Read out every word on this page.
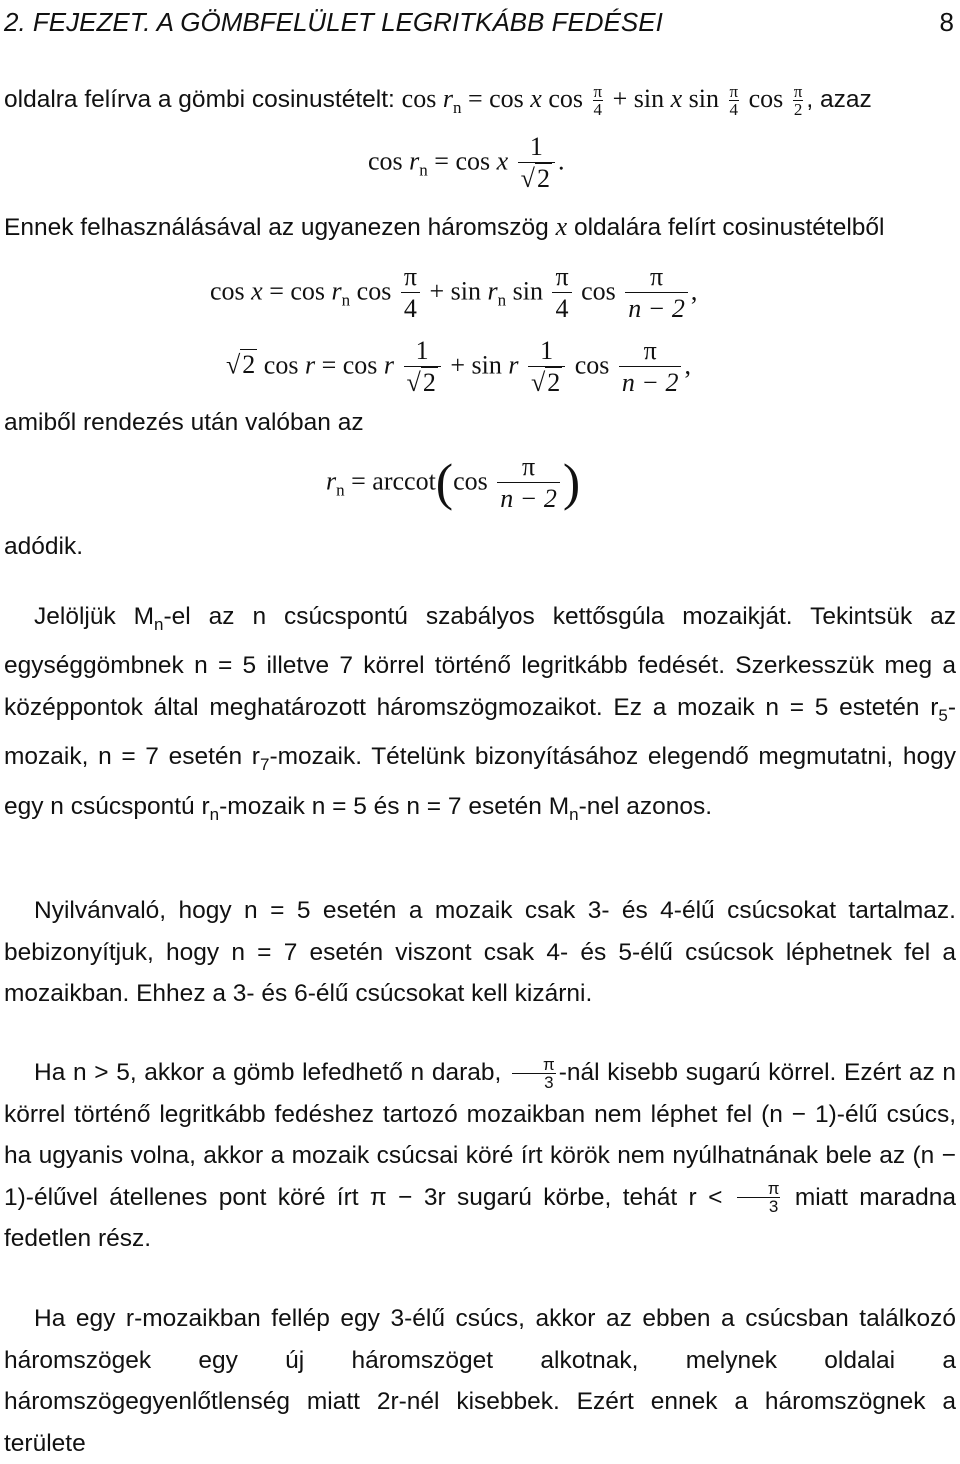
2. FEJEZET. A GÖMBFELÜLET LEGRITKÁBB FEDÉSEI	8
oldalra felírva a gömbi cosinustételt: $\cos r_n = \cos x$ $\cos \frac{\pi}{4} + \sin x$ $\sin \frac{\pi}{4}$ $\cos \frac{\pi}{2}$ , azaz
$\cos r_n = \cos x \frac{1}{√2}$ .
Ennek felhasználásával az ugyanezen háromszög x oldalára felírt cosinustételből
$\cos x = \cos r_n$ $\cos \frac{\pi}{4} + \sin r_n$ $\sin \frac{\pi}{4}$ $\cos \frac{\pi}{n - 2}$ ,
√2 cos r = cos r $\frac{1}{√2} + \sin r \frac{1}{√2}$ $\cos \frac{\pi}{n - 2}$ ,
amiből rendezés után valóban az
$r_n = arccot(\cos \frac{\pi}{n - 2}$ )
adódik.
Jelöljük $M_n-el$ az n csúcspontú szabályos kettősgúla mozaikját. Tekintsük az egységgömbnek n = 5 illetve 7 körrel történő legritkább fedését. Szerkesszük meg a középpontok által meghatározott háromszögmozaikot. Ez a mozaik n = 5 estetén $r_5$-mozaik, n = 7 esetén $r_7$-mozaik. Tételünk bizonyításához elegendő megmutatni, hogy egy n csúcspontú $r_n$-mozaik n = 5 és n = 7 esetén $M_n$-nel azonos.
Nyilvánvaló, hogy n = 5 esetén a mozaik csak 3- és 4-élű csúcsokat tartalmaz. bebizonyítjuk, hogy n = 7 esetén viszont csak 4- és 5-élű csúcsok léphetnek fel a mozaikban. Ehhez a 3- és 6-élű csúcsokat kell kizárni.
Ha n > 5, akkor a gömb lefedhető n darab, $\frac{\pi}{3}$ -nál kisebb sugarú körrel. Ezért az n körrel történő legritkább fedéshez tartozó mozaikban nem léphet fel (n − 1)-élű csúcs, ha ugyanis volna, akkor a mozaik csúcsai köré írt körök nem nyúlhatnának bele az (n − 1)-élűvel átellenes pont köré írt π − 3r sugarú körbe, tehát $r < \frac{\pi}{3}$ miatt maradna fedetlen rész.
Ha egy r-mozaikban fellép egy 3-élű csúcs, akkor az ebben a csúcsban találkozó háromszögek egy új háromszöget alkotnak, melynek oldalai a háromszögegyenlőtlenség miatt 2r-nél kisebbek. Ezért ennek a háromszögnek a területe
